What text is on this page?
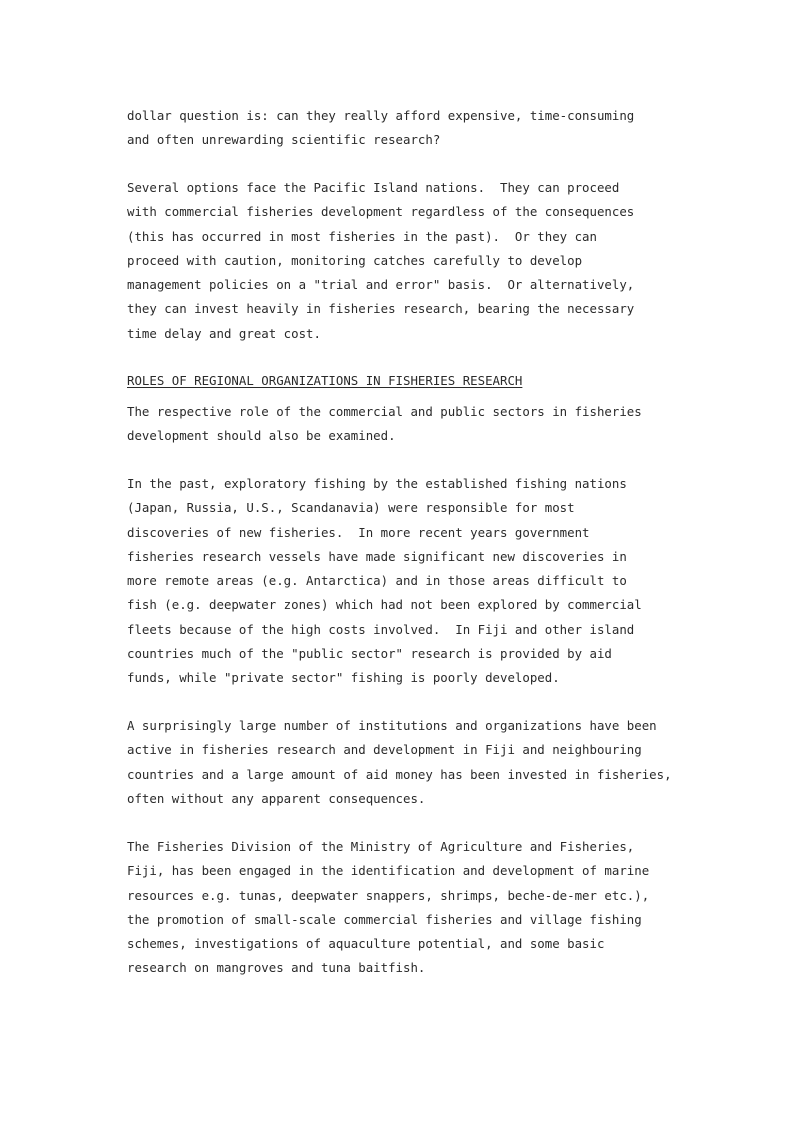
dollar question is: can they really afford expensive, time-consuming
and often unrewarding scientific research?
Several options face the Pacific Island nations.  They can proceed
with commercial fisheries development regardless of the consequences
(this has occurred in most fisheries in the past).  Or they can
proceed with caution, monitoring catches carefully to develop
management policies on a "trial and error" basis.  Or alternatively,
they can invest heavily in fisheries research, bearing the necessary
time delay and great cost.
ROLES OF REGIONAL ORGANIZATIONS IN FISHERIES RESEARCH
The respective role of the commercial and public sectors in fisheries
development should also be examined.
In the past, exploratory fishing by the established fishing nations
(Japan, Russia, U.S., Scandanavia) were responsible for most
discoveries of new fisheries.  In more recent years government
fisheries research vessels have made significant new discoveries in
more remote areas (e.g. Antarctica) and in those areas difficult to
fish (e.g. deepwater zones) which had not been explored by commercial
fleets because of the high costs involved.  In Fiji and other island
countries much of the "public sector" research is provided by aid
funds, while "private sector" fishing is poorly developed.
A surprisingly large number of institutions and organizations have been
active in fisheries research and development in Fiji and neighbouring
countries and a large amount of aid money has been invested in fisheries,
often without any apparent consequences.
The Fisheries Division of the Ministry of Agriculture and Fisheries,
Fiji, has been engaged in the identification and development of marine
resources e.g. tunas, deepwater snappers, shrimps, beche-de-mer etc.),
the promotion of small-scale commercial fisheries and village fishing
schemes, investigations of aquaculture potential, and some basic
research on mangroves and tuna baitfish.
